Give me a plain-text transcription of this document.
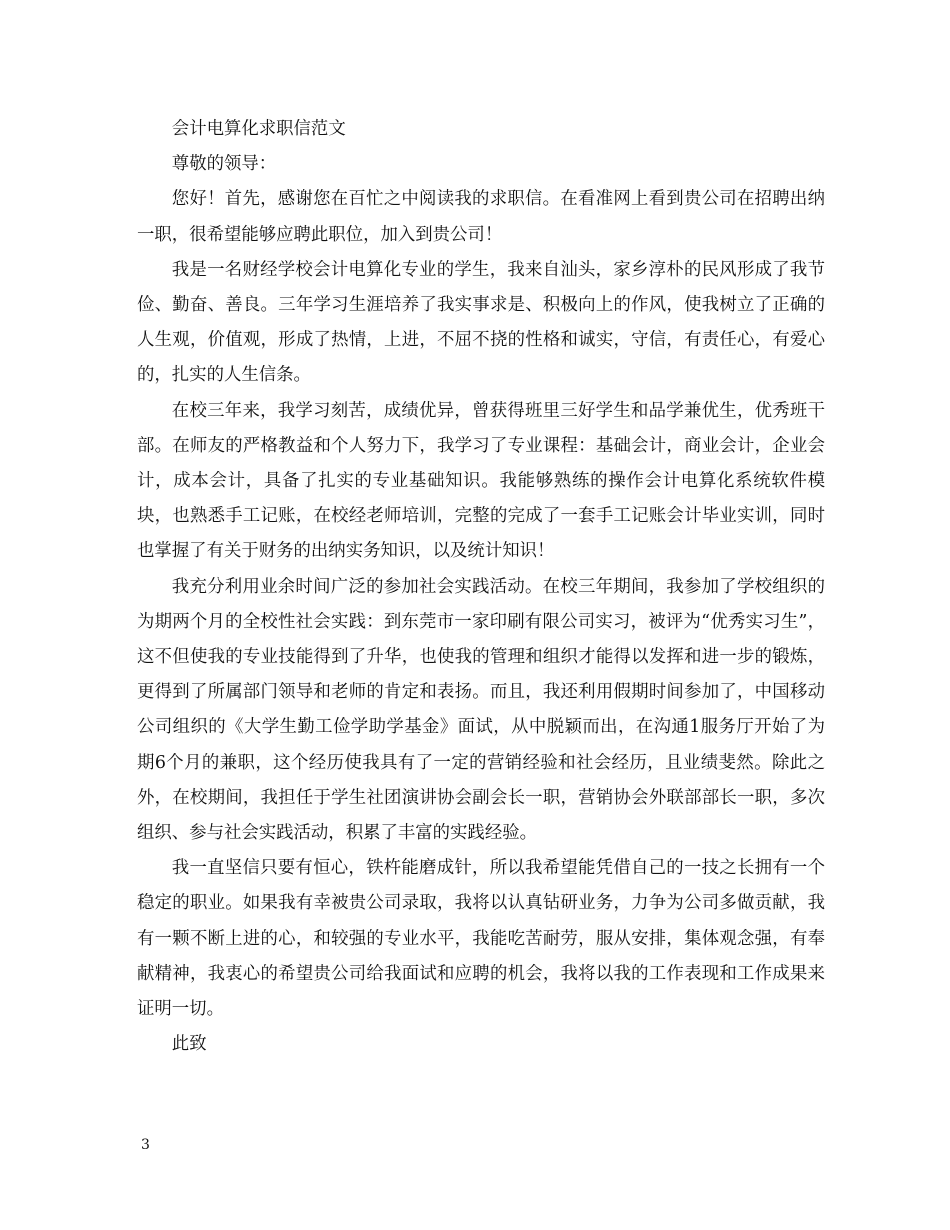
会计电算化求职信范文

尊敬的领导：

您好！首先，感谢您在百忙之中阅读我的求职信。在看准网上看到贵公司在招聘出纳一职，很希望能够应聘此职位，加入到贵公司！

我是一名财经学校会计电算化专业的学生，我来自汕头，家乡淳朴的民风形成了我节俭、勤奋、善良。三年学习生涯培养了我实事求是、积极向上的作风，使我树立了正确的人生观，价值观，形成了热情，上进，不屈不挠的性格和诚实，守信，有责任心，有爱心的，扎实的人生信条。

在校三年来，我学习刻苦，成绩优异，曾获得班里三好学生和品学兼优生，优秀班干部。在师友的严格教益和个人努力下，我学习了专业课程：基础会计，商业会计，企业会计，成本会计，具备了扎实的专业基础知识。我能够熟练的操作会计电算化系统软件模块，也熟悉手工记账，在校经老师培训，完整的完成了一套手工记账会计毕业实训，同时也掌握了有关于财务的出纳实务知识，以及统计知识！

我充分利用业余时间广泛的参加社会实践活动。在校三年期间，我参加了学校组织的为期两个月的全校性社会实践：到东莞市一家印刷有限公司实习，被评为“优秀实习生”，这不但使我的专业技能得到了升华，也使我的管理和组织才能得以发挥和进一步的锻炼，更得到了所属部门领导和老师的肯定和表扬。而且，我还利用假期时间参加了，中国移动公司组织的《大学生勤工俭学助学基金》面试，从中脱颖而出，在沟通1服务厅开始了为期6个月的兼职，这个经历使我具有了一定的营销经验和社会经历，且业绩斐然。除此之外，在校期间，我担任于学生社团演讲协会副会长一职，营销协会外联部部长一职，多次组织、参与社会实践活动，积累了丰富的实践经验。

我一直坚信只要有恒心，铁杵能磨成针，所以我希望能凭借自己的一技之长拥有一个稳定的职业。如果我有幸被贵公司录取，我将以认真钻研业务，力争为公司多做贡献，我有一颗不断上进的心，和较强的专业水平，我能吃苦耐劳，服从安排，集体观念强，有奉献精神，我衷心的希望贵公司给我面试和应聘的机会，我将以我的工作表现和工作成果来证明一切。

此致

3
